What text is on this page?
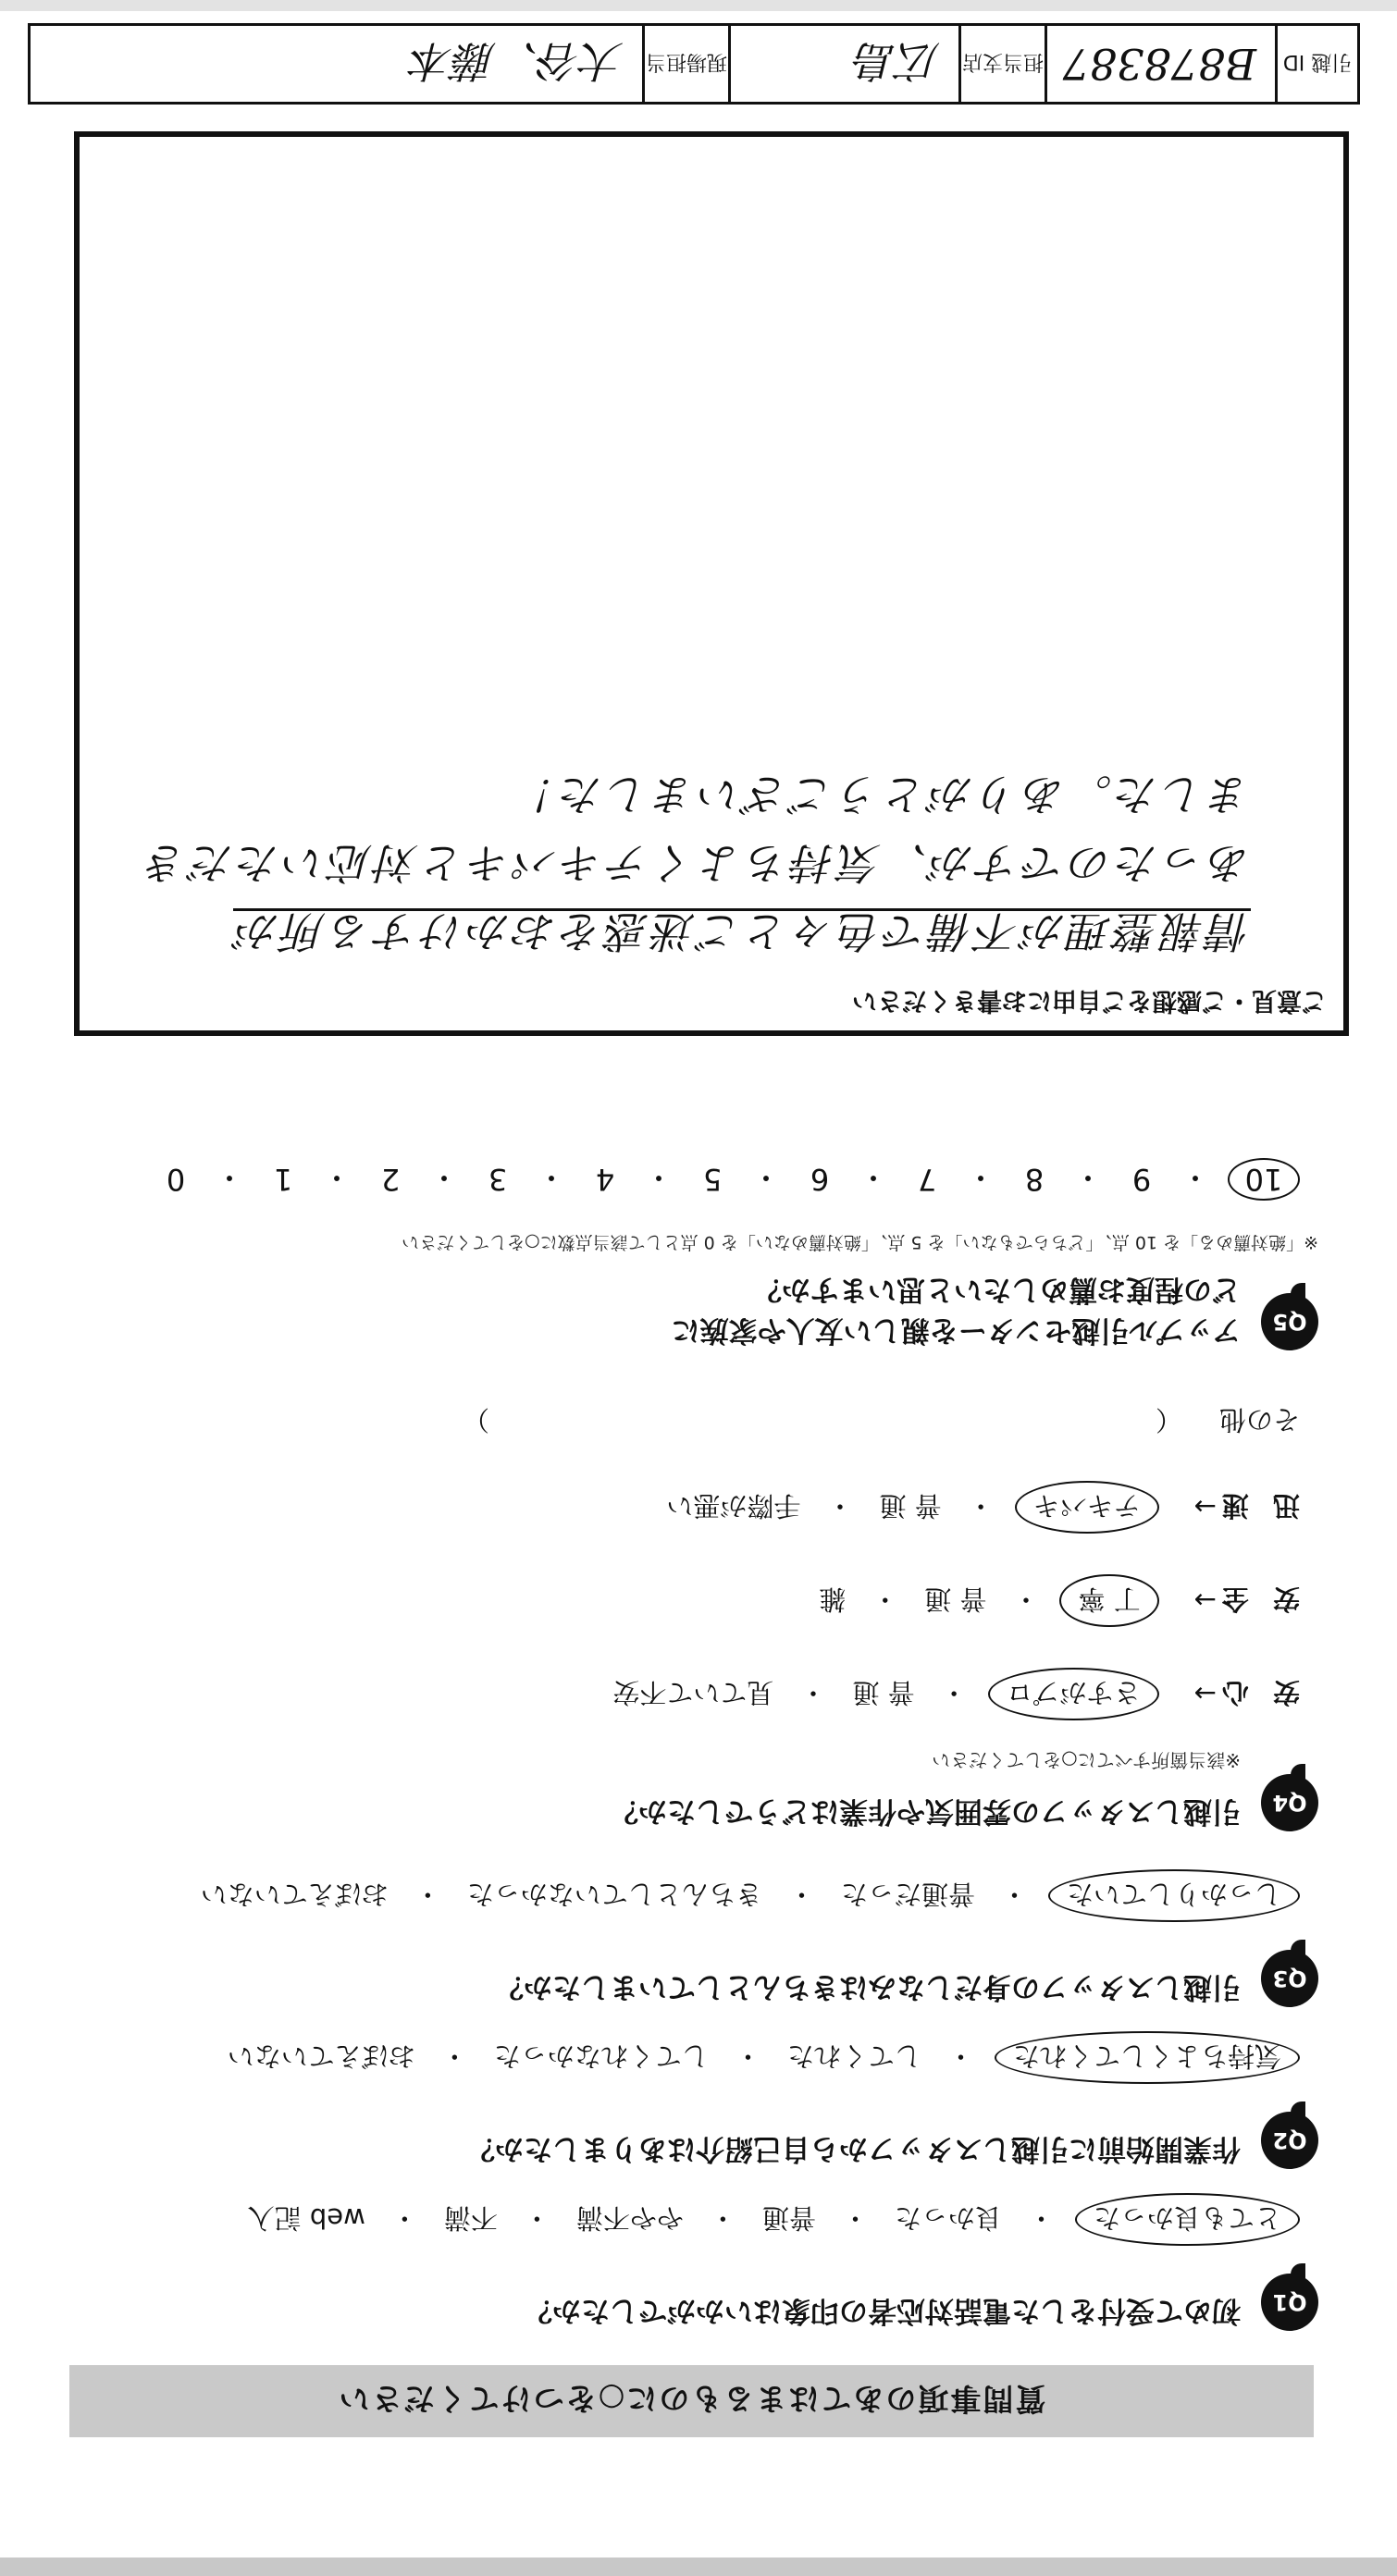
質問事項のあてはまるものに○をつけてください
Q1
初めて受付をした電話対応者の印象はいかがでしたか？
とても良かった
・
良かった
・
普通
・
やや不満
・
不満
・
web 記入
Q2
作業開始前に引越しスタッフから自己紹介はありましたか？
気持ちよくしてくれた
・
してくれた
・
してくれなかった
・
おぼえていない
Q3
引越しスタッフの身だしなみはきちんとしていましたか？
しっかりしていた
・
普通だった
・
きちんとしていなかった
・
おぼえていない
Q4
引越しスタッフの雰囲気や作業はどうでしたか？
※該当箇所すべてに○をしてください
安 心
→
さすがプロ
・
普 通
・
見ていて不安
安 全
→
丁 寧
・
普 通
・
雑
迅 速
→
テキパキ
・
普 通
・
手際が悪い
その他
（
）
Q5
アップル引越センターを親しい友人や家族に
どの程度お薦めしたいと思いますか？
※「絶対薦める」を 10 点、「どちらでもない」を 5 点、「絶対薦めない」を 0 点として該当点数に○をしてください
10
・
9
・
8
・
7
・
6
・
5
・
4
・
3
・
2
・
1
・
0
ご意見・ご感想をご自由にお書きください
情報整理が不備で色々とご迷惑をおかけする所が
あったのですが、気持ちよくテキパキと対応いただき
ました。ありがとうございました！
引越 ID
B878387
担当支店
広島
現場担当
大谷、藤本
